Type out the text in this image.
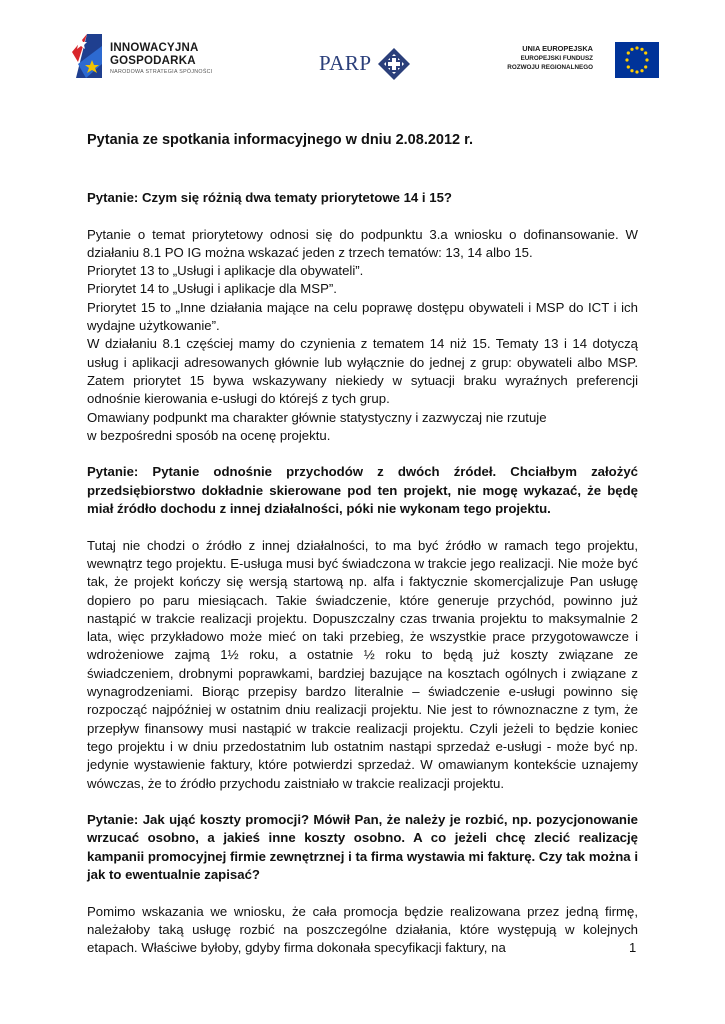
INNOWACYJNA
GOSPODARKA
NARODOWA STRATEGIA SPÓJNOŚCI	PARP
UNIA EUROPEJSKA
EUROPEJSKI FUNDUSZ
ROZWOJU REGIONALNEGO
Pytania ze spotkania informacyjnego w dniu 2.08.2012 r.

Pytanie: Czym się różnią dwa tematy priorytetowe 14 i 15?

Pytanie o temat priorytetowy odnosi się do podpunktu 3.a wniosku o dofinansowanie. W działaniu 8.1 PO IG można wskazać jeden z trzech tematów: 13, 14 albo 15.

Priorytet 13 to „Usługi i aplikacje dla obywateli”.

Priorytet 14 to „Usługi i aplikacje dla MSP”.

Priorytet 15 to „Inne działania mające na celu poprawę dostępu obywateli i MSP do ICT i ich wydajne użytkowanie”.

W działaniu 8.1 częściej mamy do czynienia z tematem 14 niż 15. Tematy 13 i 14 dotyczą usług i aplikacji adresowanych głównie lub wyłącznie do jednej z grup: obywateli albo MSP. Zatem priorytet 15 bywa wskazywany niekiedy w sytuacji braku wyraźnych preferencji odnośnie kierowania e-usługi do którejś z tych grup.

Omawiany podpunkt ma charakter głównie statystyczny i zazwyczaj nie rzutuje

w bezpośredni sposób na ocenę projektu.

Pytanie: Pytanie odnośnie przychodów z dwóch źródeł. Chciałbym założyć przedsiębiorstwo dokładnie skierowane pod ten projekt, nie mogę wykazać, że będę miał źródło dochodu z innej działalności, póki nie wykonam tego projektu.

Tutaj nie chodzi o źródło z innej działalności, to ma być źródło w ramach tego projektu, wewnątrz tego projektu. E-usługa musi być świadczona w trakcie jego realizacji. Nie może być tak, że projekt kończy się wersją startową np. alfa i faktycznie skomercjalizuje Pan usługę dopiero po paru miesiącach. Takie świadczenie, które generuje przychód, powinno już nastąpić w trakcie realizacji projektu. Dopuszczalny czas trwania projektu to maksymalnie 2 lata, więc przykładowo może mieć on taki przebieg, że wszystkie prace przygotowawcze i wdrożeniowe zajmą 1½ roku, a ostatnie ½ roku to będą już koszty związane ze świadczeniem, drobnymi poprawkami, bardziej bazujące na kosztach ogólnych i związane z wynagrodzeniami. Biorąc przepisy bardzo literalnie – świadczenie e-usługi powinno się rozpocząć najpóźniej w ostatnim dniu realizacji projektu. Nie jest to równoznaczne z tym, że przepływ finansowy musi nastąpić w trakcie realizacji projektu. Czyli jeżeli to będzie koniec tego projektu i w dniu przedostatnim lub ostatnim nastąpi sprzedaż e-usługi - może być np. jedynie wystawienie faktury, które potwierdzi sprzedaż. W omawianym kontekście uznajemy wówczas, że to źródło przychodu zaistniało w trakcie realizacji projektu.

Pytanie: Jak ująć koszty promocji? Mówił Pan, że należy je rozbić, np. pozycjonowanie wrzucać osobno, a jakieś inne koszty osobno. A co jeżeli chcę zlecić realizację kampanii promocyjnej firmie zewnętrznej i ta firma wystawia mi fakturę. Czy tak można i jak to ewentualnie zapisać?

Pomimo wskazania we wniosku, że cała promocja będzie realizowana przez jedną firmę, należałoby taką usługę rozbić na poszczególne działania, które występują w kolejnych etapach. Właściwe byłoby, gdyby firma dokonała specyfikacji faktury, na	1
